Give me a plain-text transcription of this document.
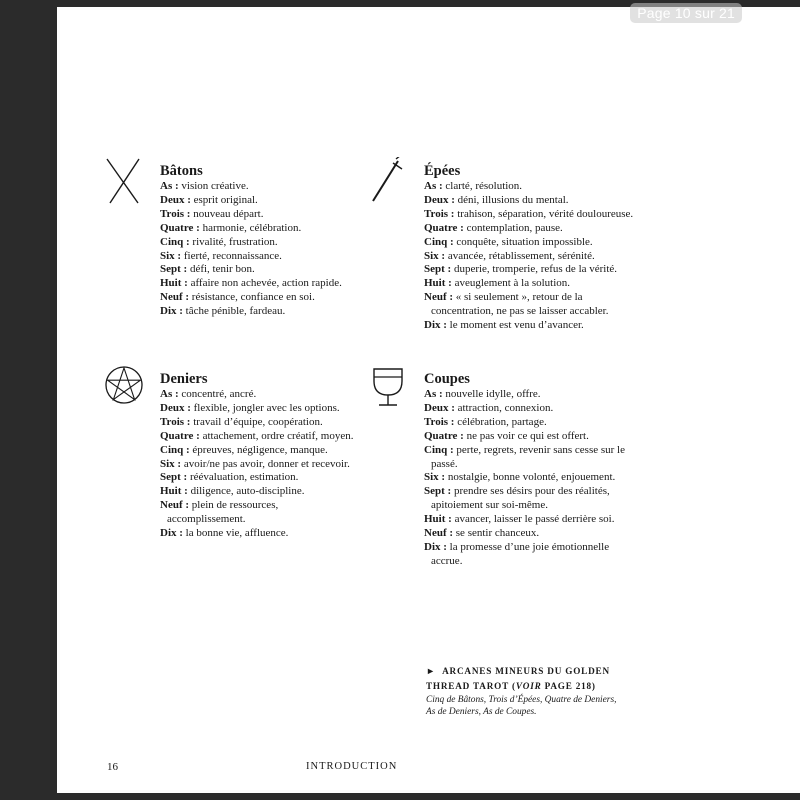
Page 10 sur 21
Bâtons
As : vision créative.
Deux : esprit original.
Trois : nouveau départ.
Quatre : harmonie, célébration.
Cinq : rivalité, frustration.
Six : fierté, reconnaissance.
Sept : défi, tenir bon.
Huit : affaire non achevée, action rapide.
Neuf : résistance, confiance en soi.
Dix : tâche pénible, fardeau.
Épées
As : clarté, résolution.
Deux : déni, illusions du mental.
Trois : trahison, séparation, vérité douloureuse.
Quatre : contemplation, pause.
Cinq : conquête, situation impossible.
Six : avancée, rétablissement, sérénité.
Sept : duperie, tromperie, refus de la vérité.
Huit : aveuglement à la solution.
Neuf : « si seulement », retour de la concentration, ne pas se laisser accabler.
Dix : le moment est venu d’avancer.
Deniers
As : concentré, ancré.
Deux : flexible, jongler avec les options.
Trois : travail d’équipe, coopération.
Quatre : attachement, ordre créatif, moyen.
Cinq : épreuves, négligence, manque.
Six : avoir/ne pas avoir, donner et recevoir.
Sept : réévaluation, estimation.
Huit : diligence, auto-discipline.
Neuf : plein de ressources, accomplissement.
Dix : la bonne vie, affluence.
Coupes
As : nouvelle idylle, offre.
Deux : attraction, connexion.
Trois : célébration, partage.
Quatre : ne pas voir ce qui est offert.
Cinq : perte, regrets, revenir sans cesse sur le passé.
Six : nostalgie, bonne volonté, enjouement.
Sept : prendre ses désirs pour des réalités, apitoiement sur soi-même.
Huit : avancer, laisser le passé derrière soi.
Neuf : se sentir chanceux.
Dix : la promesse d’une joie émotionnelle accrue.
► ARCANES MINEURS DU GOLDEN THREAD TAROT (VOIR PAGE 218)
Cinq de Bâtons, Trois d’Épées, Quatre de Deniers, As de Deniers, As de Coupes.
16	INTRODUCTION
